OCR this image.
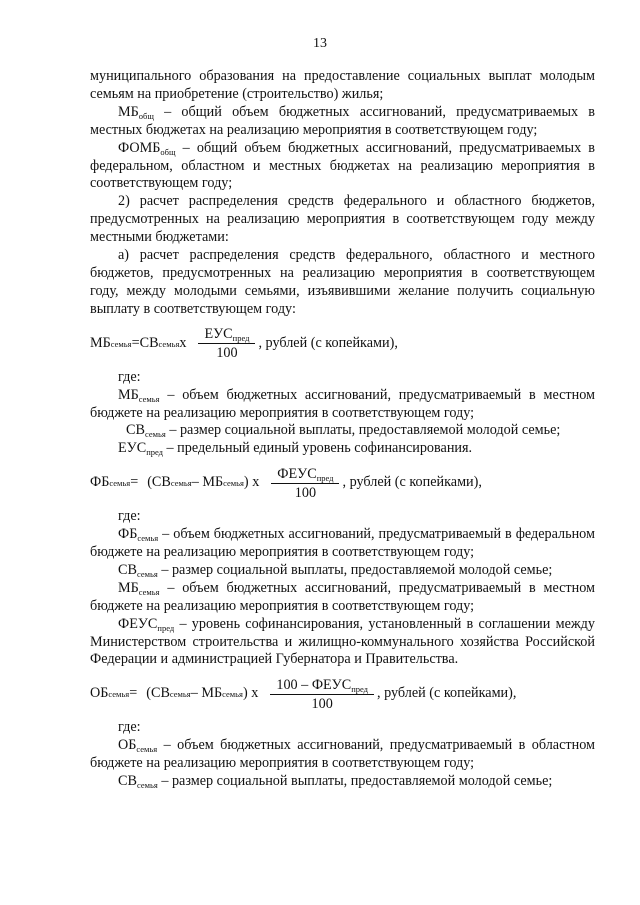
13

муниципального образования на предоставление социальных выплат молодым семьям на приобретение (строительство) жилья;

$МБ_{общ}$ – общий объем бюджетных ассигнований, предусматриваемых в местных бюджетах на реализацию мероприятия в соответствующем году;

$ФОМБ_{общ}$ – общий объем бюджетных ассигнований, предусматриваемых в федеральном, областном и местных бюджетах на реализацию мероприятия в соответствующем году;

2) расчет распределения средств федерального и областного бюджетов, предусмотренных на реализацию мероприятия в соответствующем году между местными бюджетами:

а) расчет распределения средств федерального, областного и местного бюджетов, предусмотренных на реализацию мероприятия в соответствующем году, между молодыми семьями, изъявившими желание получить социальную выплату в соответствующем году:

МБ семья = СВ семья х $\frac{ЕУС_{пред}}{100}$ , рублей (с копейками),

где:

$МБ_{семья}$ – объем бюджетных ассигнований, предусматриваемый в местном бюджете на реализацию мероприятия в соответствующем году;

$СВ_{семья}$ – размер социальной выплаты, предоставляемой молодой семье;

$ЕУС_{пред}$ – предельный единый уровень софинансирования.

ФБ семья = (СВ семья – МБ семья ) х $\frac{ФЕУС_{пред}}{100}$ , рублей (с копейками),

где:

$ФБ_{семья}$ – объем бюджетных ассигнований, предусматриваемый в федеральном бюджете на реализацию мероприятия в соответствующем году;

$СВ_{семья}$ – размер социальной выплаты, предоставляемой молодой семье;

$МБ_{семья}$ – объем бюджетных ассигнований, предусматриваемый в местном бюджете на реализацию мероприятия в соответствующем году;

$ФЕУС_{пред}$ – уровень софинансирования, установленный в соглашении между Министерством строительства и жилищно-коммунального хозяйства Российской Федерации и администрацией Губернатора и Правительства.

ОБ семья = (СВ семья – МБ семья ) х $\frac{100 - ФЕУС_{пред}}{100}$ , рублей (с копейками),

где:

$ОБ_{семья}$ – объем бюджетных ассигнований, предусматриваемый в областном бюджете на реализацию мероприятия в соответствующем году;

$СВ_{семья}$ – размер социальной выплаты, предоставляемой молодой семье;
